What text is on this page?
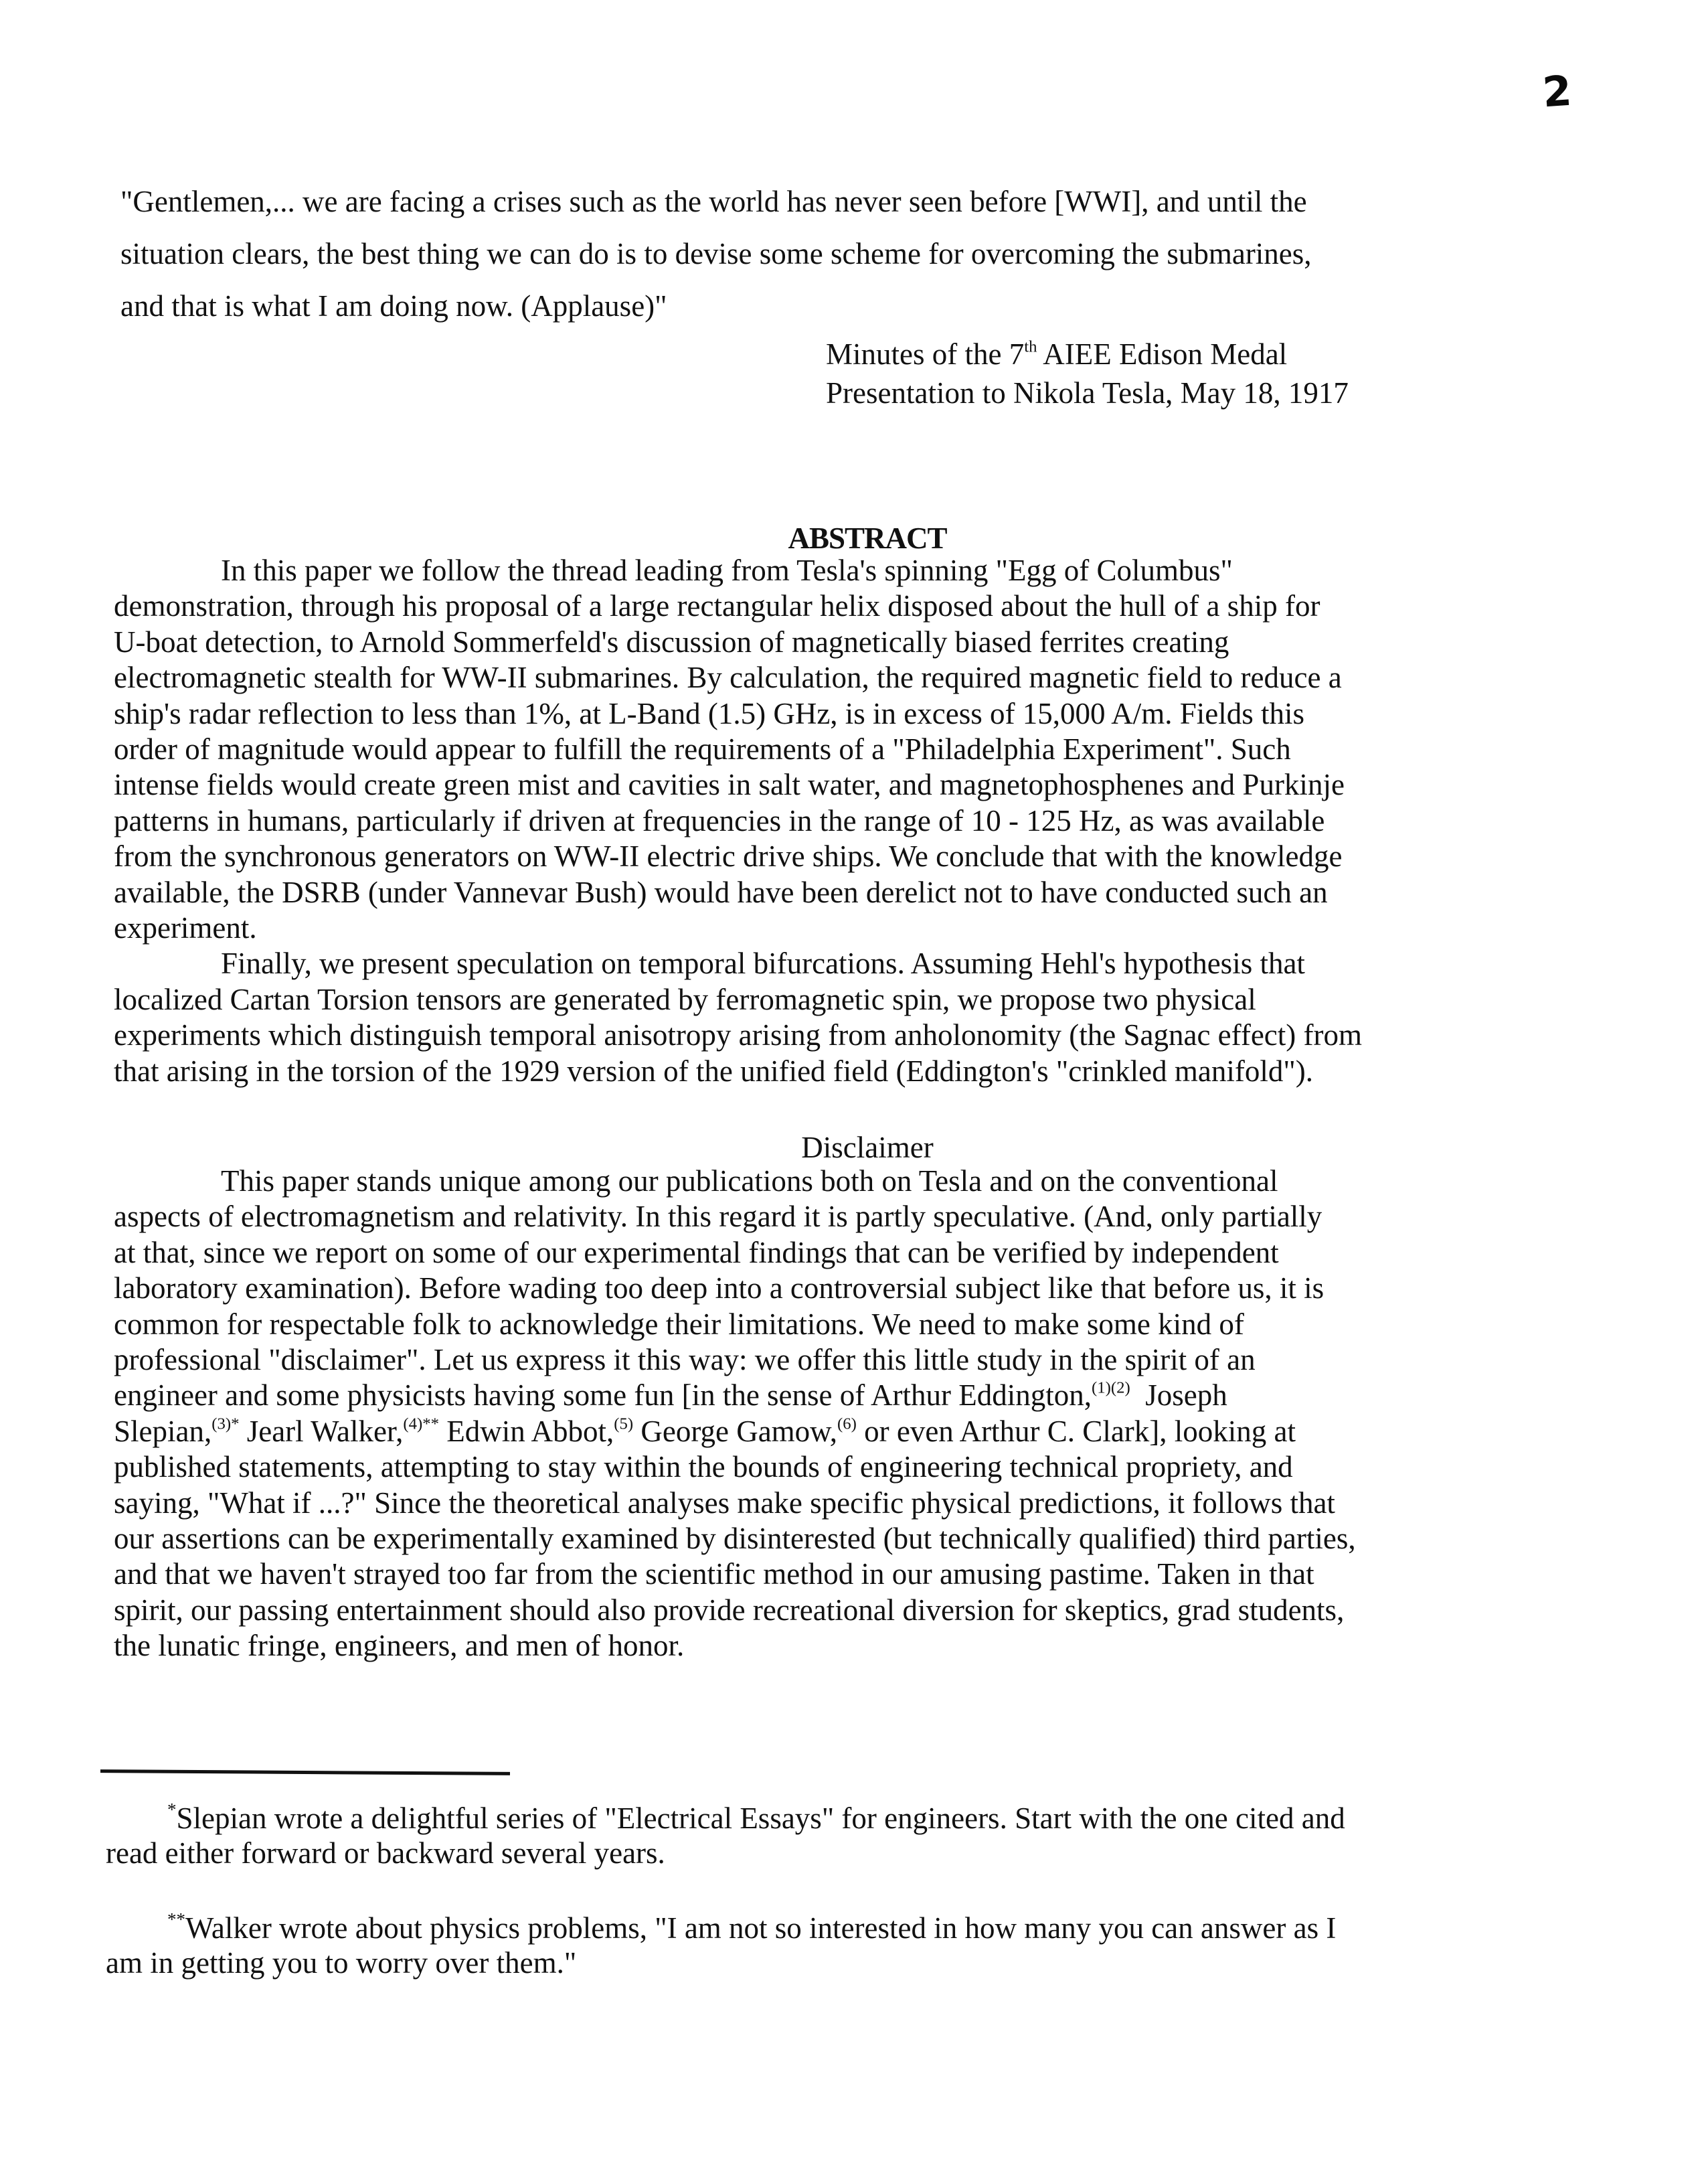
2
"Gentlemen,... we are facing a crises such as the world has never seen before [WWI], and until the
situation clears, the best thing we can do is to devise some scheme for overcoming the submarines,
and that is what I am doing now. (Applause)"
Minutes of the 7th AIEE Edison Medal
Presentation to Nikola Tesla, May 18, 1917
ABSTRACT
In this paper we follow the thread leading from Tesla's spinning "Egg of Columbus"
demonstration, through his proposal of a large rectangular helix disposed about the hull of a ship for
U-boat detection, to Arnold Sommerfeld's discussion of magnetically biased ferrites creating
electromagnetic stealth for WW-II submarines. By calculation, the required magnetic field to reduce a
ship's radar reflection to less than 1%, at L-Band (1.5) GHz, is in excess of 15,000 A/m. Fields this
order of magnitude would appear to fulfill the requirements of a "Philadelphia Experiment". Such
intense fields would create green mist and cavities in salt water, and magnetophosphenes and Purkinje
patterns in humans, particularly if driven at frequencies in the range of 10 - 125 Hz, as was available
from the synchronous generators on WW-II electric drive ships. We conclude that with the knowledge
available, the DSRB (under Vannevar Bush) would have been derelict not to have conducted such an
experiment.
Finally, we present speculation on temporal bifurcations. Assuming Hehl's hypothesis that
localized Cartan Torsion tensors are generated by ferromagnetic spin, we propose two physical
experiments which distinguish temporal anisotropy arising from anholonomity (the Sagnac effect) from
that arising in the torsion of the 1929 version of the unified field (Eddington's "crinkled manifold").
Disclaimer
This paper stands unique among our publications both on Tesla and on the conventional
aspects of electromagnetism and relativity. In this regard it is partly speculative. (And, only partially
at that, since we report on some of our experimental findings that can be verified by independent
laboratory examination). Before wading too deep into a controversial subject like that before us, it is
common for respectable folk to acknowledge their limitations. We need to make some kind of
professional "disclaimer". Let us express it this way: we offer this little study in the spirit of an
engineer and some physicists having some fun [in the sense of Arthur Eddington,$^{(1)(2)}$  Joseph
Slepian,$^{(3)*}$ Jearl Walker,$^{(4)**}$ Edwin Abbot,$^{(5)}$ George Gamow,$^{(6)}$ or even Arthur C. Clark], looking at
published statements, attempting to stay within the bounds of engineering technical propriety, and
saying, "What if ...?" Since the theoretical analyses make specific physical predictions, it follows that
our assertions can be experimentally examined by disinterested (but technically qualified) third parties,
and that we haven't strayed too far from the scientific method in our amusing pastime. Taken in that
spirit, our passing entertainment should also provide recreational diversion for skeptics, grad students,
the lunatic fringe, engineers, and men of honor.
*Slepian wrote a delightful series of "Electrical Essays" for engineers. Start with the one cited and
read either forward or backward several years.
**Walker wrote about physics problems, "I am not so interested in how many you can answer as I
am in getting you to worry over them."
